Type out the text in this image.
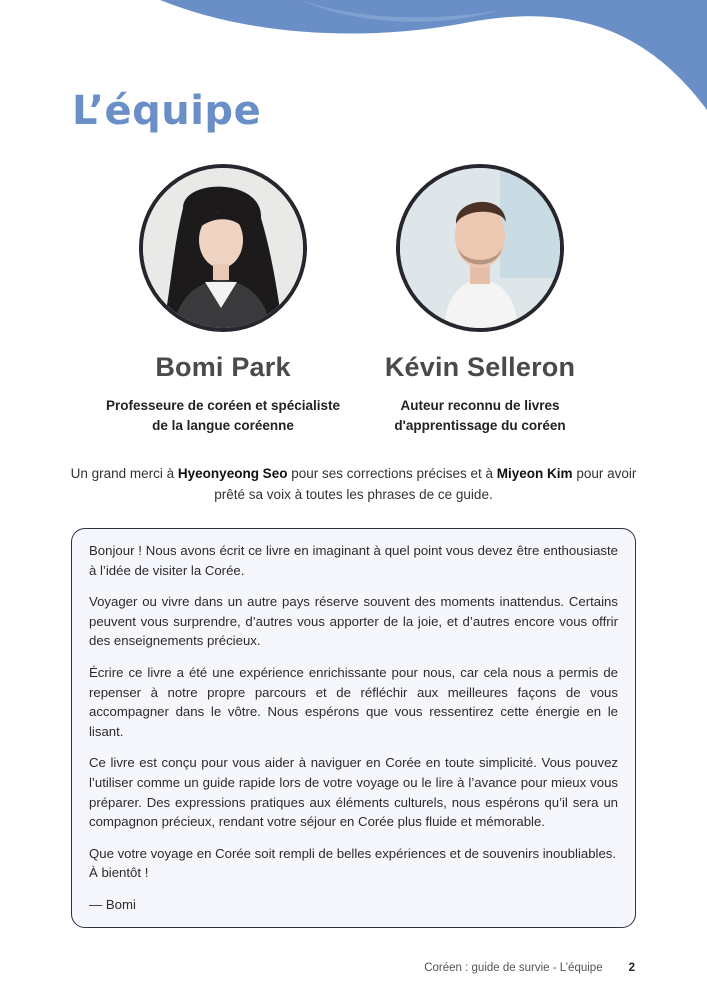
L’équipe
Bomi Park
Professeure de coréen et spécialiste
de la langue coréenne
Kévin Selleron
Auteur reconnu de livres
d'apprentissage du coréen
Un grand merci à Hyeonyeong Seo pour ses corrections précises et à Miyeon Kim pour avoir prêté sa voix à toutes les phrases de ce guide.

Bonjour ! Nous avons écrit ce livre en imaginant à quel point vous devez être enthousiaste à l’idée de visiter la Corée.

Voyager ou vivre dans un autre pays réserve souvent des moments inattendus. Certains peuvent vous surprendre, d’autres vous apporter de la joie, et d’autres encore vous offrir des enseignements précieux.

Écrire ce livre a été une expérience enrichissante pour nous, car cela nous a permis de repenser à notre propre parcours et de réfléchir aux meilleures façons de vous accompagner dans le vôtre. Nous espérons que vous ressentirez cette énergie en le lisant.

Ce livre est conçu pour vous aider à naviguer en Corée en toute simplicité. Vous pouvez l’utiliser comme un guide rapide lors de votre voyage ou le lire à l’avance pour mieux vous préparer. Des expressions pratiques aux éléments culturels, nous espérons qu’il sera un compagnon précieux, rendant votre séjour en Corée plus fluide et mémorable.

Que votre voyage en Corée soit rempli de belles expériences et de souvenirs inoubliables.

À bientôt !

— Bomi

Coréen : guide de survie - L’équipe 2
